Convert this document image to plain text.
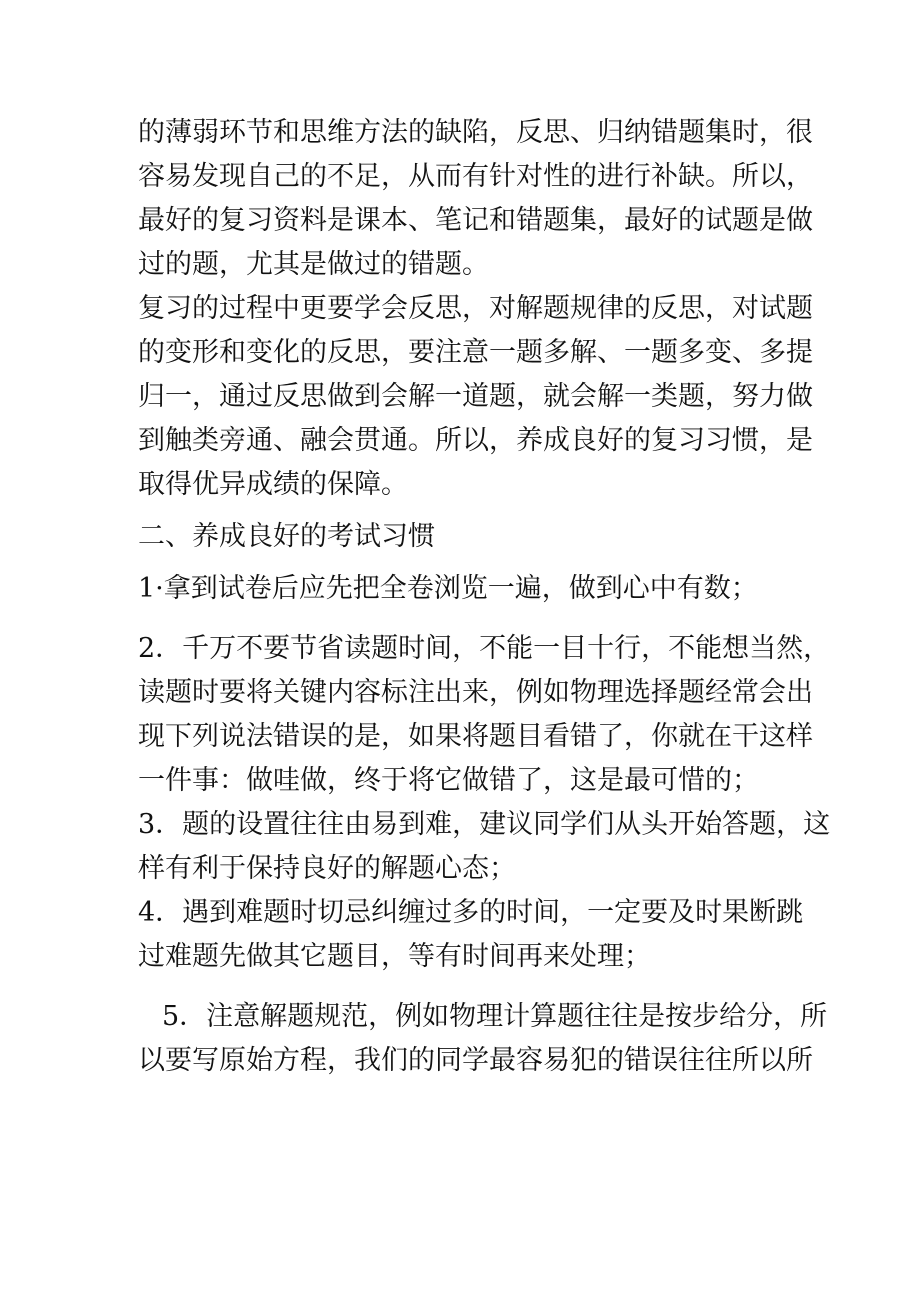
的薄弱环节和思维方法的缺陷，反思、归纳错题集时，很
容易发现自己的不足，从而有针对性的进行补缺。所以，
最好的复习资料是课本、笔记和错题集，最好的试题是做
过的题，尤其是做过的错题。

复习的过程中更要学会反思，对解题规律的反思，对试题
的变形和变化的反思，要注意一题多解、一题多变、多提
归一，通过反思做到会解一道题，就会解一类题，努力做
到触类旁通、融会贯通。所以，养成良好的复习习惯，是
取得优异成绩的保障。

二、养成良好的考试习惯

1·拿到试卷后应先把全卷浏览一遍，做到心中有数；

2．千万不要节省读题时间，不能一目十行，不能想当然，
读题时要将关键内容标注出来，例如物理选择题经常会出
现下列说法错误的是，如果将题目看错了，你就在干这样
一件事：做哇做，终于将它做错了，这是最可惜的；

3．题的设置往往由易到难，建议同学们从头开始答题，这
样有利于保持良好的解题心态；

4．遇到难题时切忌纠缠过多的时间，一定要及时果断跳
过难题先做其它题目，等有时间再来处理；

5．注意解题规范，例如物理计算题往往是按步给分，所
以要写原始方程，我们的同学最容易犯的错误往往所以所
